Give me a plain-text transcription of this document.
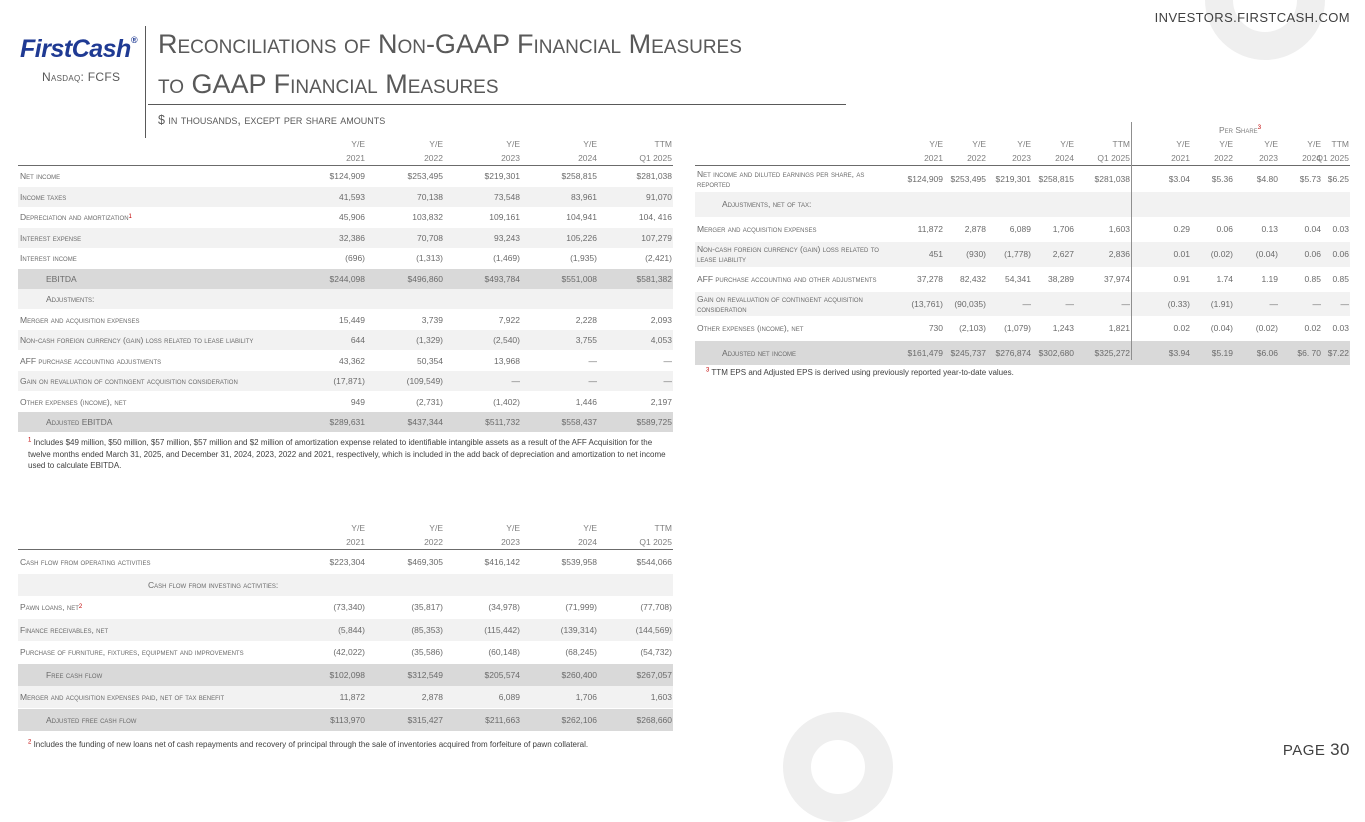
FirstCash®
Nasdaq: FCFS
Reconciliations of Non-GAAP Financial Measures
to GAAP Financial Measures
$ in thousands, except per share amounts
INVESTORS.FIRSTCASH.COM
PAGE 30
Y/E
2021
Y/E
2022
Y/E
2023
Y/E
2024
TTM
Q1 2025
Net income	$124,909	$253,495	$219,301	$258,815	$281,038
Income taxes	41,593	70,138	73,548	83,961	91,070
Depreciation and amortization 1	45,906	103,832	109,161	104,941	104, 416
Interest expense	32,386	70,708	93,243	105,226	107,279
Interest income	(696)	(1,313)	(1,469)	(1,935)	(2,421)
EBITDA	$244,098	$496,860	$493,784	$551,008	$581,382
Adjustments:
Merger and acquisition expenses	15,449	3,739	7,922	2,228	2,093
Non-cash foreign currency (gain) loss related to lease liability	644	(1,329)	(2,540)	3,755	4,053
AFF purchase accounting adjustments	43,362	50,354	13,968	—	—
Gain on revaluation of contingent acquisition consideration	(17,871)	(109,549)	—	—	—
Other expenses (income), net	949	(2,731)	(1,402)	1,446	2,197
Adjusted EBITDA	$289,631	$437,344	$511,732	$558,437	$589,725
$^1$ Includes $49 million, $50 million, $57 million, $57 million and $2 million of amortization expense related to identifiable intangible assets as a result of the AFF Acquisition for the twelve months ended March 31, 2025, and December 31, 2024, 2023, 2022 and 2021, respectively, which is included in the add back of depreciation and amortization to net income used to calculate EBITDA.
Y/E
2021
Y/E
2022
Y/E
2023
Y/E
2024
TTM
Q1 2025
Cash flow from operating activities	$223,304	$469,305	$416,142	$539,958	$544,066
Cash flow from investing activities:
Pawn loans, net 2	(73,340)	(35,817)	(34,978)	(71,999)	(77,708)
Finance receivables, net	(5,844)	(85,353)	(115,442)	(139,314)	(144,569)
Purchase of furniture, fixtures, equipment and improvements	(42,022)	(35,586)	(60,148)	(68,245)	(54,732)
Free cash flow	$102,098	$312,549	$205,574	$260,400	$267,057
Merger and acquisition expenses paid, net of tax benefit	11,872	2,878	6,089	1,706	1,603
Adjusted free cash flow	$113,970	$315,427	$211,663	$262,106	$268,660
$^2$ Includes the funding of new loans net of cash repayments and recovery of principal through the sale of inventories acquired from forfeiture of pawn collateral.
Y/E
2021
Y/E
2022
Y/E
2023
Y/E
2024
TTM
Q1 2025
Y/E
2021
Y/E
2022
Y/E
2023
Y/E
2024
TTM
Q1 2025
Net income and diluted earnings per share, as reported	$124,909 $253,495	$219,301 $258,815	$281,038	$3.04	$5.36	$4.80	$5.73 $6.25
Adjustments, net of tax:
Merger and acquisition expenses	11,872	2,878	6,089	1,706	1,603	0.29	0.06	0.13	0.04	0.03
Non-cash foreign currency (gain) loss related to lease liability	451	(930)	(1,778)	2,627	2,836	0.01	(0.02)	(0.04)	0.06	0.06
AFF purchase accounting and other adjustments	37,278	82,432	54,341	38,289	37,974	0.91	1.74	1.19	0.85	0.85
Gain on revaluation of contingent acquisition consideration	(13,761)	(90,035)	—	—	—	(0.33)	(1.91)	—	—	—
Other expenses (income), net	730	(2,103)	(1,079)	1,243	1,821	0.02	(0.04)	(0.02)	0.02	0.03
Adjusted net income	$161,479 $245,737	$276,874 $302,680	$325,272	$3.94	$5.19	$6.06	$6. 70 $7.22
Per Share$^3$
$^3$ TTM EPS and Adjusted EPS is derived using previously reported year-to-date values.
